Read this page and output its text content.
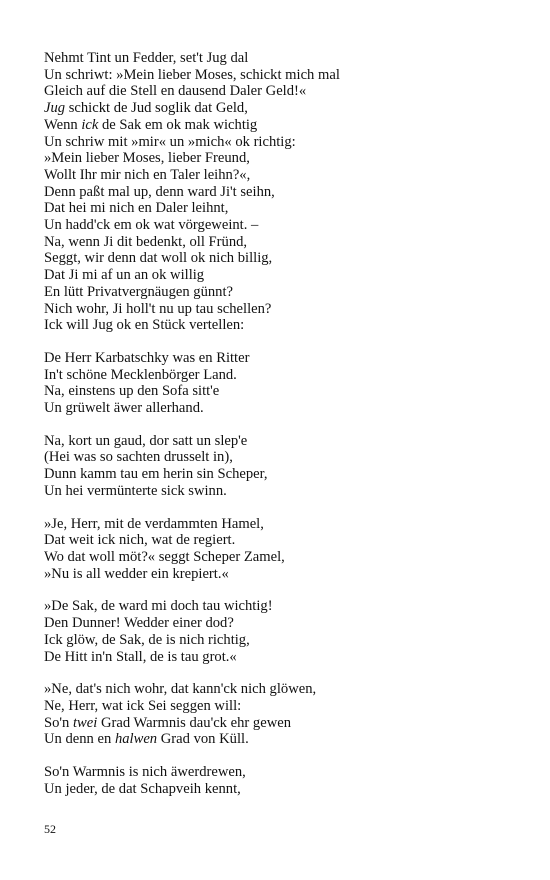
Nehmt Tint un Fedder, set't Jug dal
Un schriwt: »Mein lieber Moses, schickt mich mal
Gleich auf die Stell en dausend Daler Geld!«
Jug schickt de Jud soglik dat Geld,
Wenn ick de Sak em ok mak wichtig
Un schriw mit »mir« un »mich« ok richtig:
»Mein lieber Moses, lieber Freund,
Wollt Ihr mir nich en Taler leihn?«,
Denn paßt mal up, denn ward Ji't seihn,
Dat hei mi nich en Daler leihnt,
Un hadd'ck em ok wat vörgeweint. –
Na, wenn Ji dit bedenkt, oll Fründ,
Seggt, wir denn dat woll ok nich billig,
Dat Ji mi af un an ok willig
En lütt Privatvergnäugen günnt?
Nich wohr, Ji holl't nu up tau schellen?
Ick will Jug ok en Stück vertellen:
De Herr Karbatschky was en Ritter
In't schöne Mecklenbörger Land.
Na, einstens up den Sofa sitt'e
Un grüwelt äwer allerhand.
Na, kort un gaud, dor satt un slep'e
(Hei was so sachten drusselt in),
Dunn kamm tau em herin sin Scheper,
Un hei vermünterte sick swinn.
»Je, Herr, mit de verdammten Hamel,
Dat weit ick nich, wat de regiert.
Wo dat woll möt?« seggt Scheper Zamel,
»Nu is all wedder ein krepiert.«
»De Sak, de ward mi doch tau wichtig!
Den Dunner! Wedder einer dod?
Ick glöw, de Sak, de is nich richtig,
De Hitt in'n Stall, de is tau grot.«
»Ne, dat's nich wohr, dat kann'ck nich glöwen,
Ne, Herr, wat ick Sei seggen will:
So'n twei Grad Warmnis dau'ck ehr gewen
Un denn en halwen Grad von Küll.
So'n Warmnis is nich äwerdrewen,
Un jeder, de dat Schapveih kennt,
52
